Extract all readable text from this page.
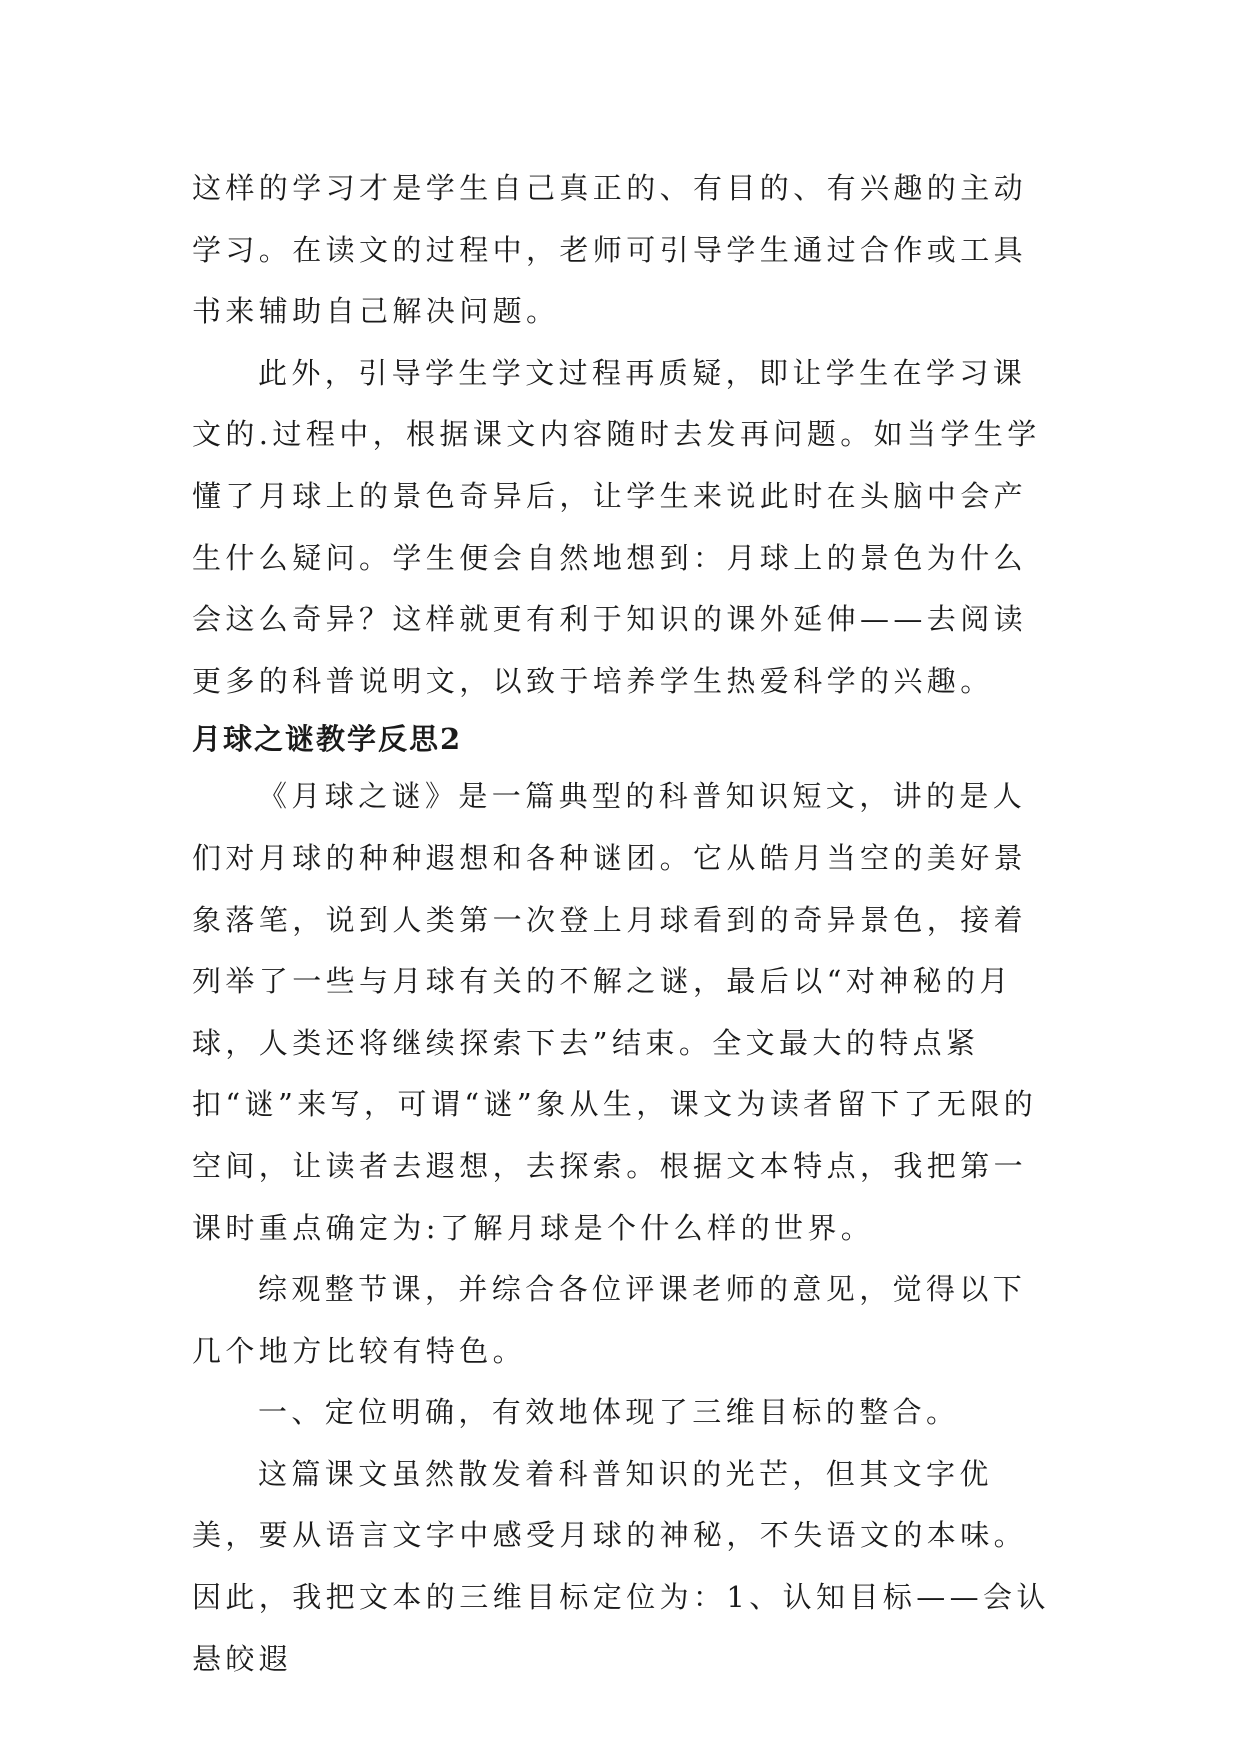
这样的学习才是学生自己真正的、有目的、有兴趣的主动学习。在读文的过程中，老师可引导学生通过合作或工具书来辅助自己解决问题。

此外，引导学生学文过程再质疑，即让学生在学习课文的.过程中，根据课文内容随时去发再问题。如当学生学懂了月球上的景色奇异后，让学生来说此时在头脑中会产生什么疑问。学生便会自然地想到：月球上的景色为什么会这么奇异？这样就更有利于知识的课外延伸——去阅读更多的科普说明文，以致于培养学生热爱科学的兴趣。

月球之谜教学反思2

《月球之谜》是一篇典型的科普知识短文，讲的是人们对月球的种种遐想和各种谜团。它从皓月当空的美好景象落笔，说到人类第一次登上月球看到的奇异景色，接着列举了一些与月球有关的不解之谜，最后以“对神秘的月球，人类还将继续探索下去”结束。全文最大的特点紧扣“谜”来写，可谓“谜”象从生，课文为读者留下了无限的空间，让读者去遐想，去探索。根据文本特点，我把第一课时重点确定为:了解月球是个什么样的世界。

综观整节课，并综合各位评课老师的意见，觉得以下几个地方比较有特色。

一、定位明确，有效地体现了三维目标的整合。

这篇课文虽然散发着科普知识的光芒，但其文字优美，要从语言文字中感受月球的神秘，不失语文的本味。因此，我把文本的三维目标定位为：1、认知目标——会认悬皎遐
